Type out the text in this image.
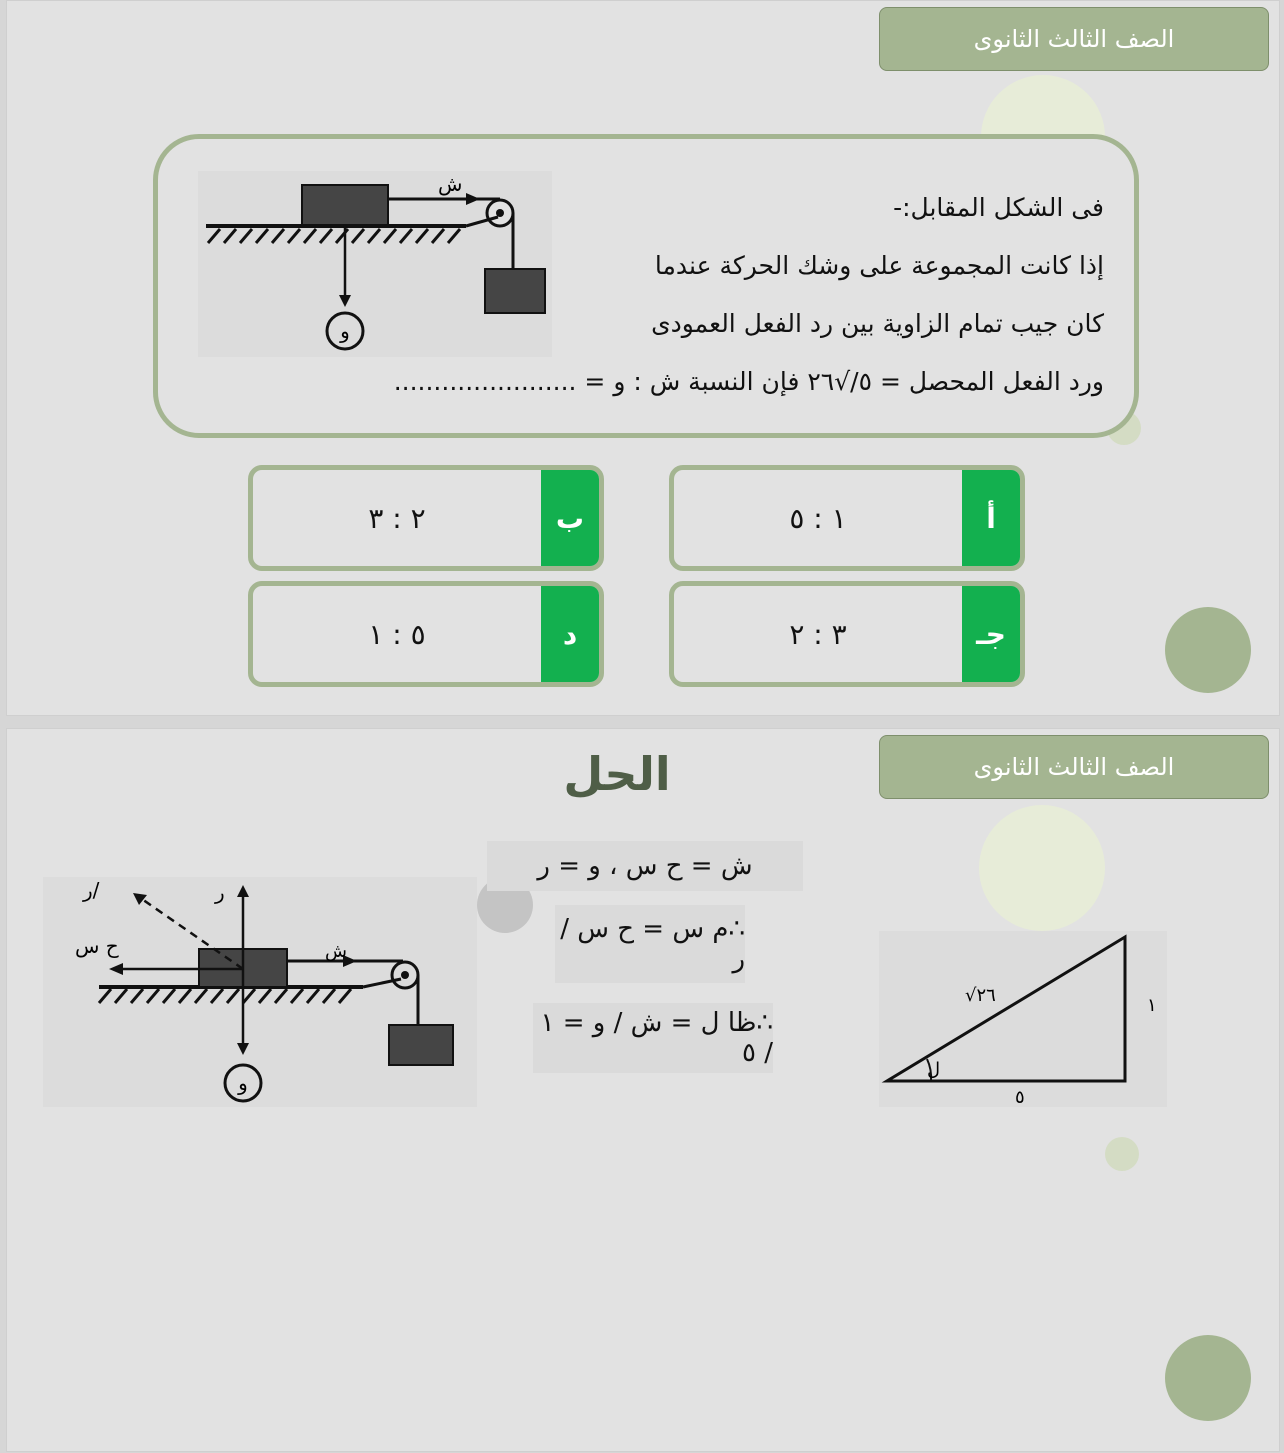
الصف الثالث الثانوى
ش
و
فى الشكل المقابل:-
إذا كانت المجموعة على وشك الحركة عندما
كان جيب تمام الزاوية بين رد الفعل العمودى
ورد الفعل المحصل = ٥/√٢٦ فإن النسبة ش : و = .......................
أ
١ : ٥
ب
٢ : ٣
جـ
٣ : ٢
د
٥ : ١
الصف الثالث الثانوى
الحل
ش = ح س ، و = ر
∴م س = ح س / ر
∴ظا ل = ش / و = ١ / ٥
ش
ر
و
ح س
ر/
ل
√٢٦	١
٥
